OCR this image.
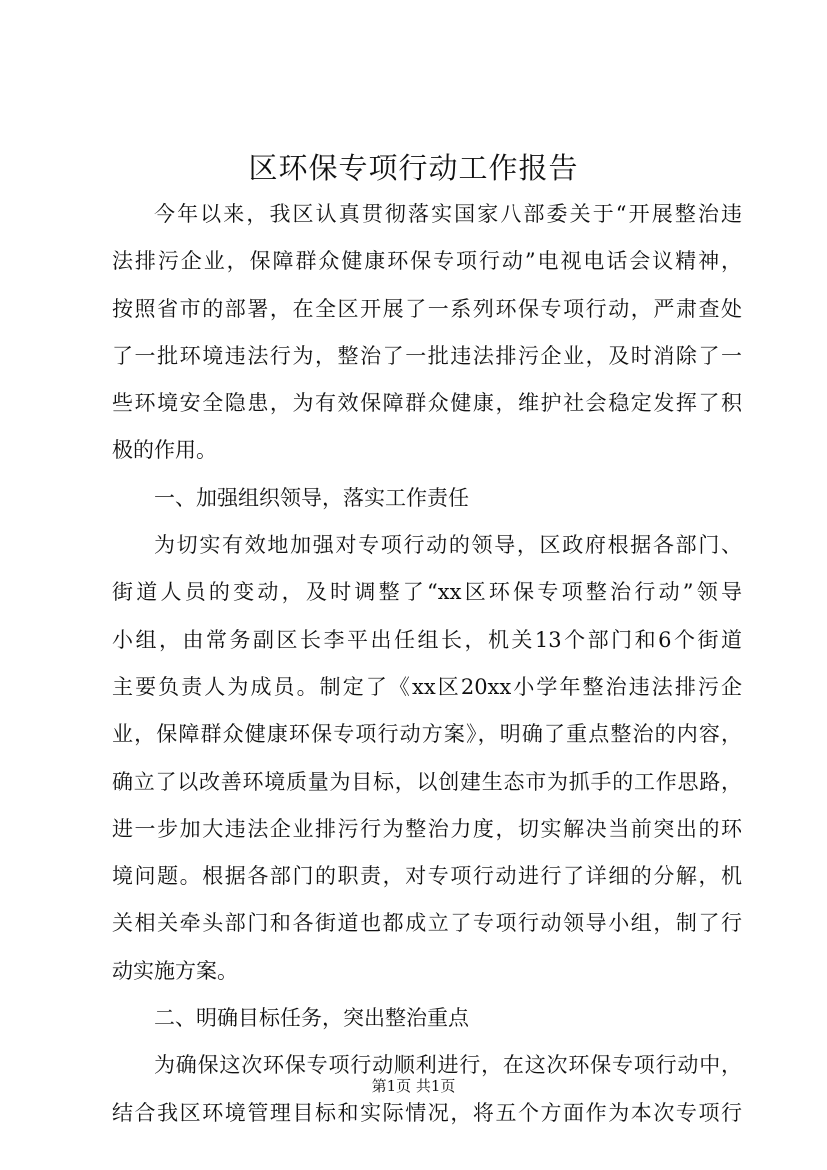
区环保专项行动工作报告
今年以来，我区认真贯彻落实国家八部委关于“开展整治违
法排污企业，保障群众健康环保专项行动”电视电话会议精神，
按照省市的部署，在全区开展了一系列环保专项行动，严肃查处
了一批环境违法行为，整治了一批违法排污企业，及时消除了一
些环境安全隐患，为有效保障群众健康，维护社会稳定发挥了积
极的作用。
一、加强组织领导，落实工作责任
为切实有效地加强对专项行动的领导，区政府根据各部门、
街道人员的变动，及时调整了“xx区环保专项整治行动”领导
小组，由常务副区长李平出任组长，机关13个部门和6个街道
主要负责人为成员。制定了《xx区20xx小学年整治违法排污企
业，保障群众健康环保专项行动方案》，明确了重点整治的内容，
确立了以改善环境质量为目标，以创建生态市为抓手的工作思路，
进一步加大违法企业排污行为整治力度，切实解决当前突出的环
境问题。根据各部门的职责，对专项行动进行了详细的分解，机
关相关牵头部门和各街道也都成立了专项行动领导小组，制了行
动实施方案。
二、明确目标任务，突出整治重点
为确保这次环保专项行动顺利进行，在这次环保专项行动中，
结合我区环境管理目标和实际情况，将五个方面作为本次专项行
第1页 共1页
